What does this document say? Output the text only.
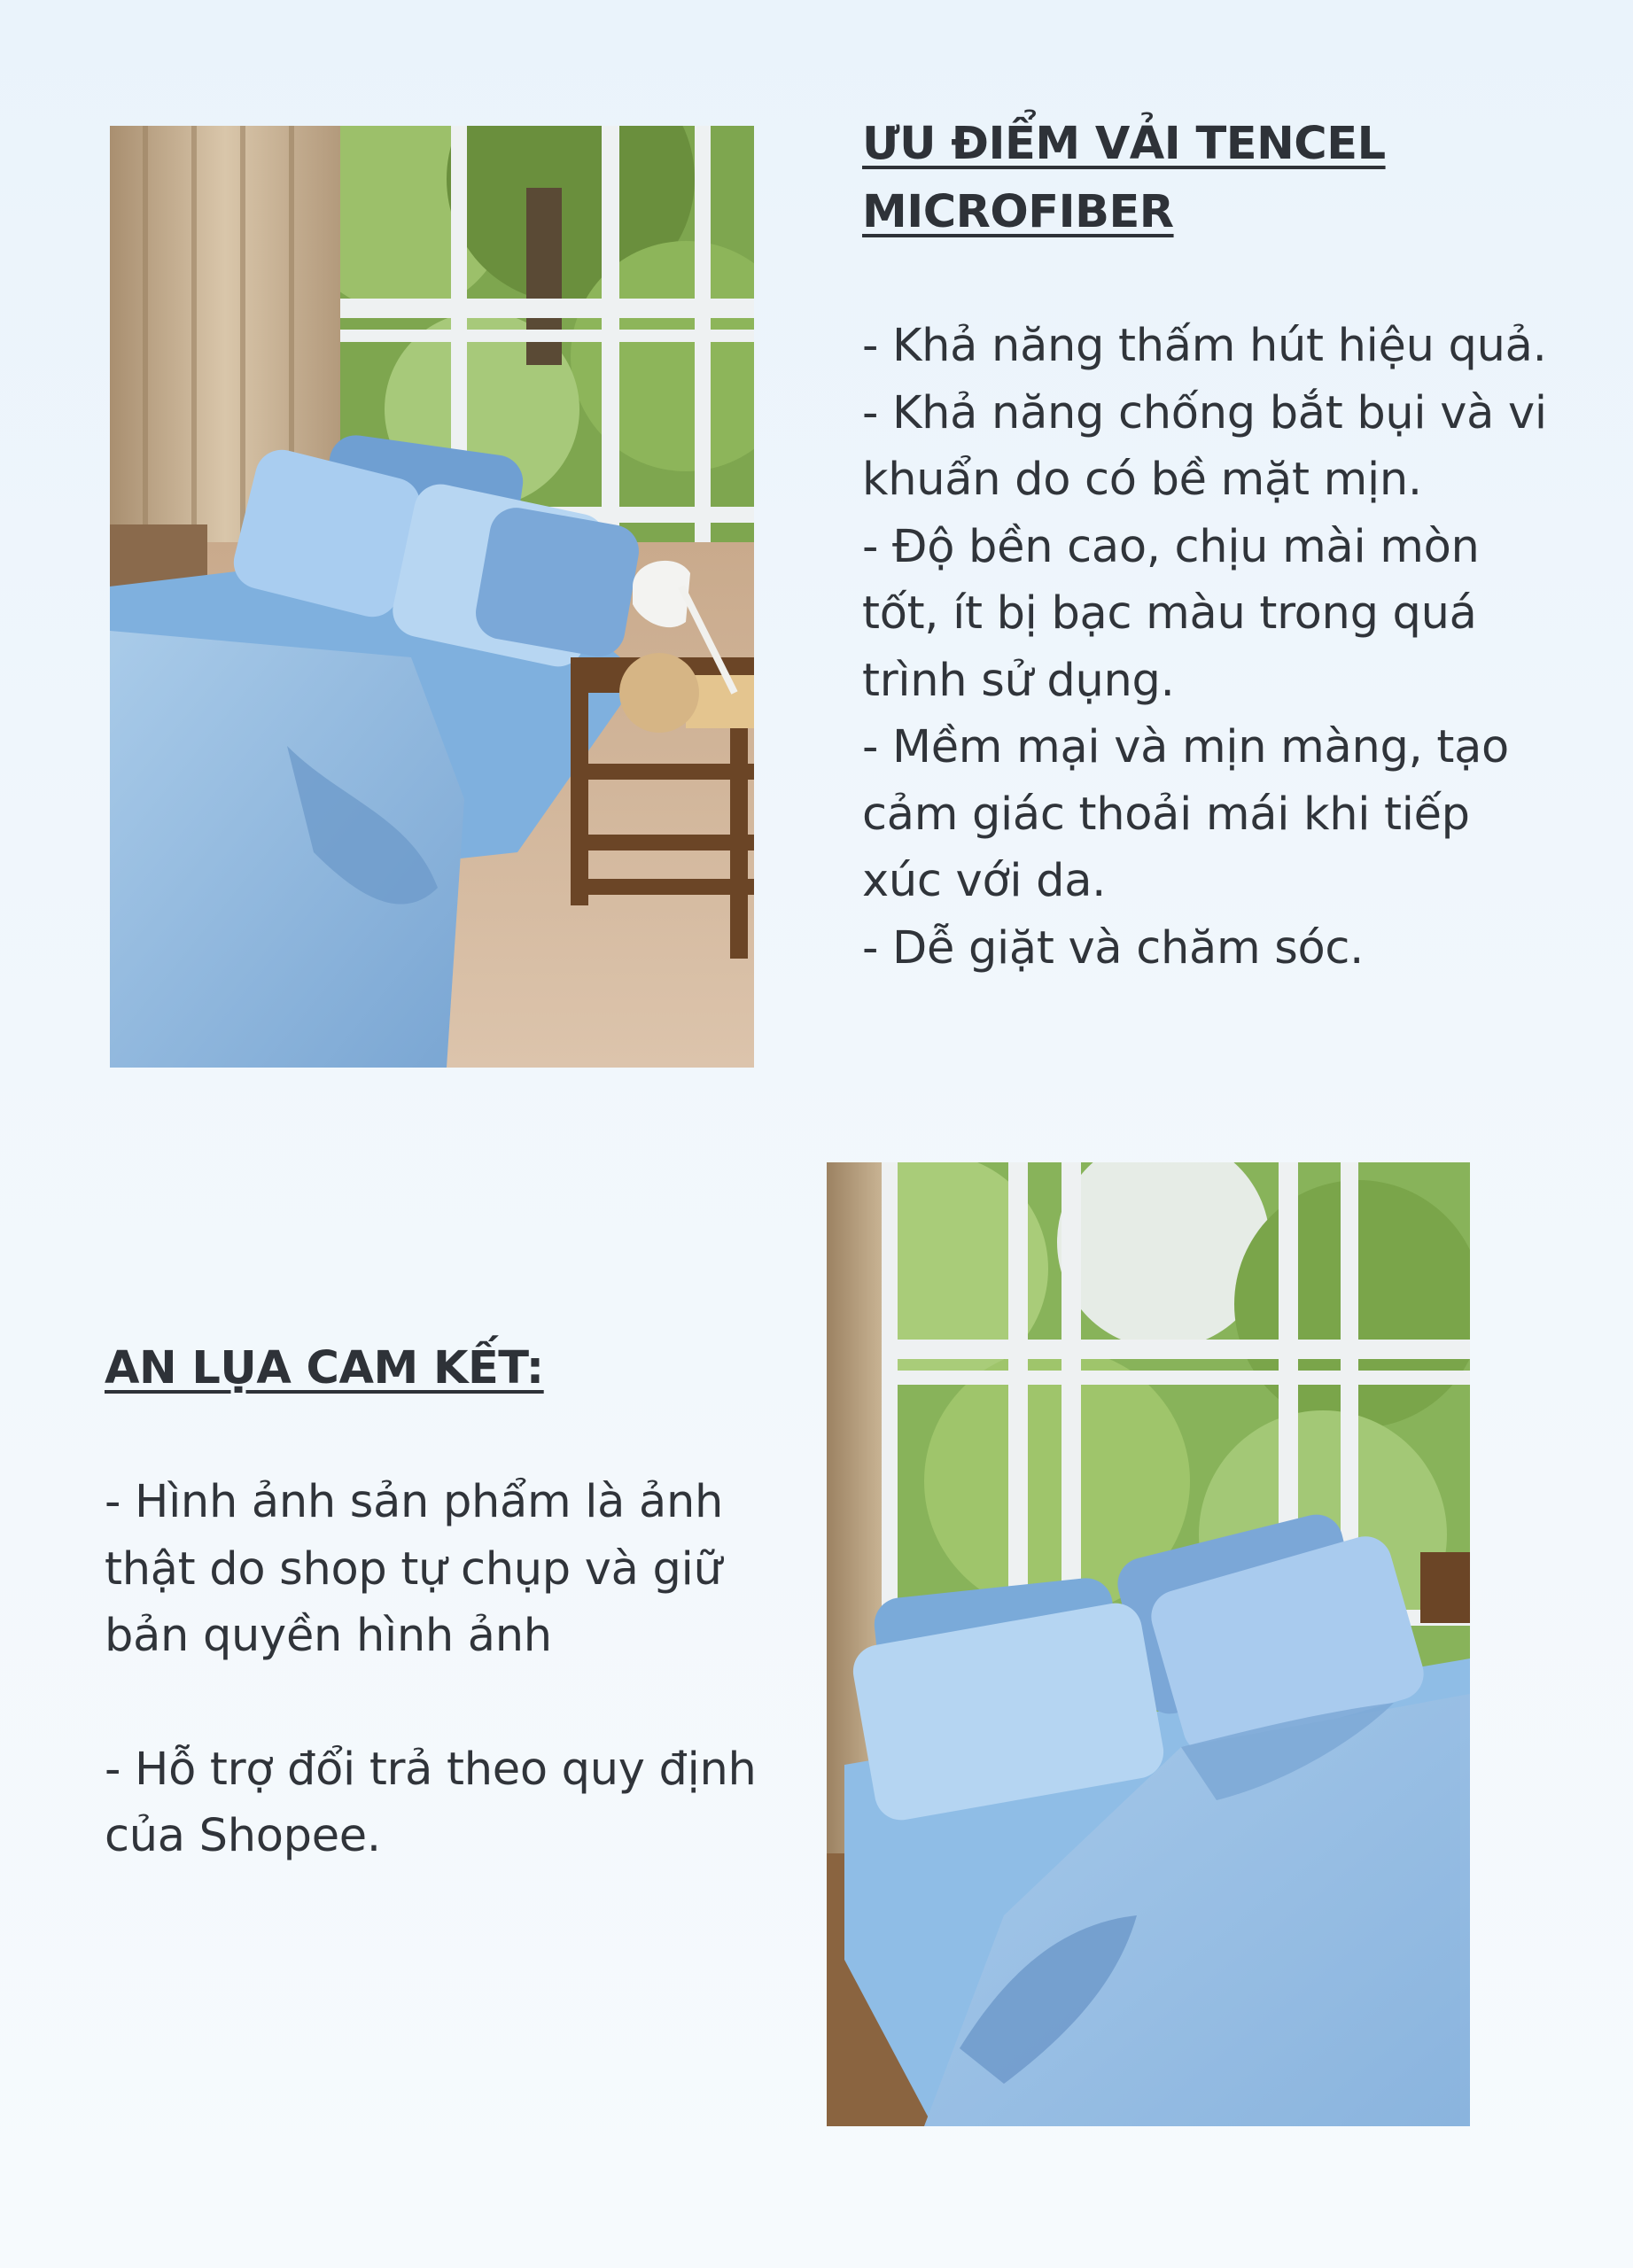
ƯU ĐIỂM VẢI TENCEL MICROFIBER

- Khả năng thấm hút hiệu quả.

- Khả năng chống bắt bụi và vi khuẩn do có bề mặt mịn.

- Độ bền cao, chịu mài mòn tốt, ít bị bạc màu trong quá trình sử dụng.

- Mềm mại và mịn màng, tạo cảm giác thoải mái khi tiếp xúc với da.

- Dễ giặt và chăm sóc.

AN LỤA CAM KẾT:

- Hình ảnh sản phẩm là ảnh thật do shop tự chụp và giữ bản quyền hình ảnh

- Hỗ trợ đổi trả theo quy định của Shopee.
